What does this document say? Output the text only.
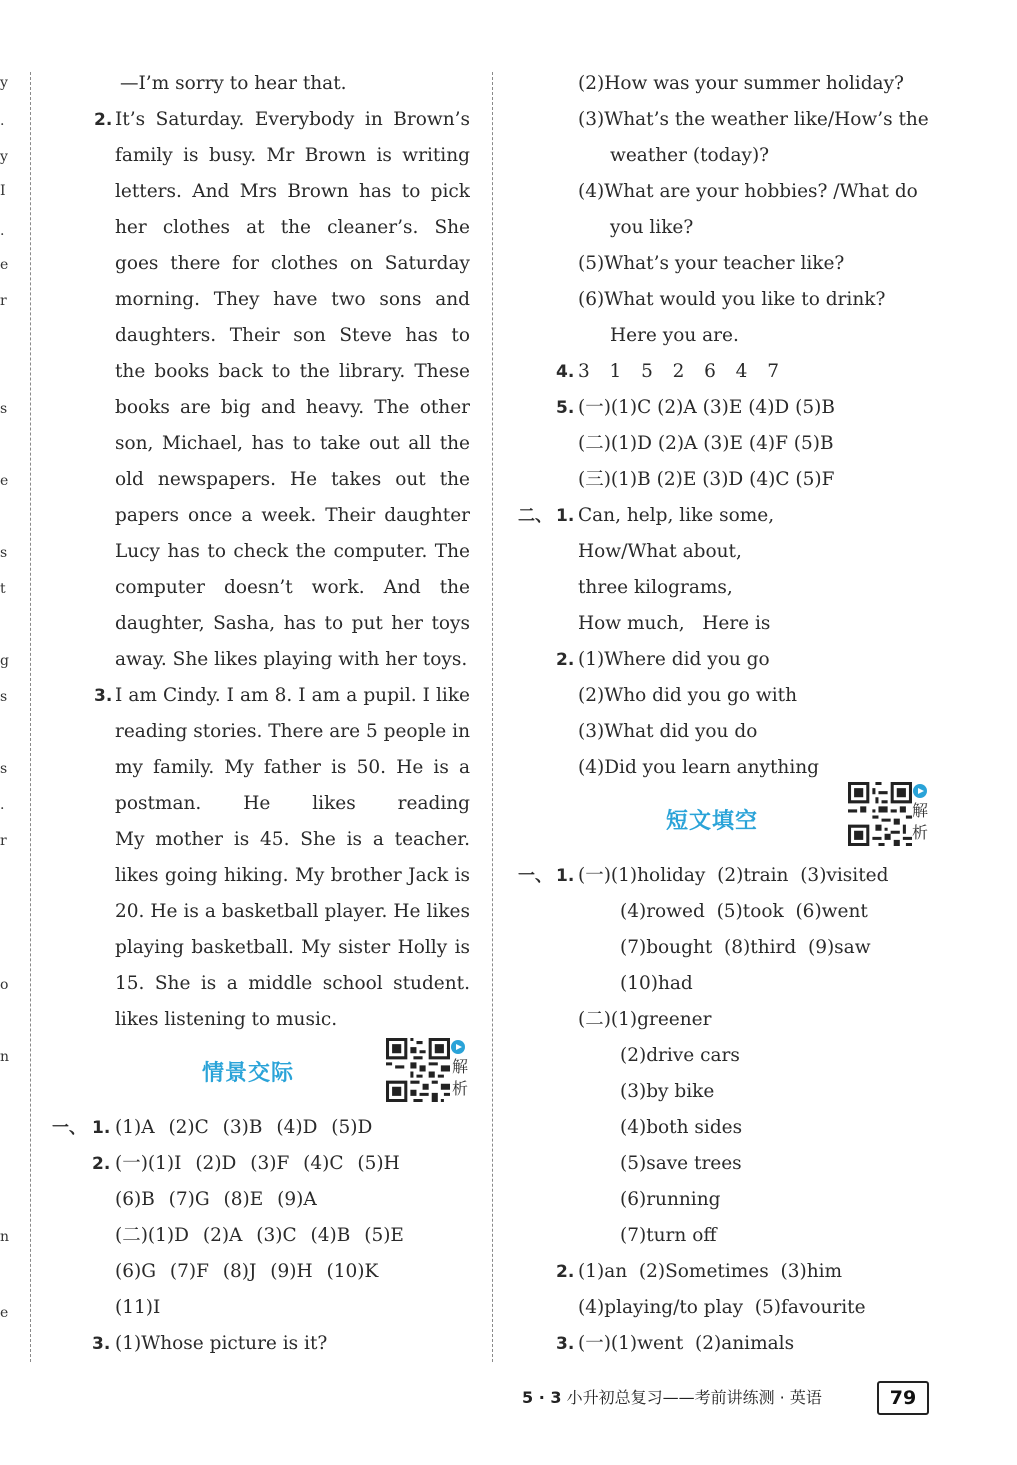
y
.
y
I
.
e
r
s
e
s
t
g
s
s
.
r
o
n
n
e
—I’m sorry to hear that.
2. It’s Saturday. Everybody in Brown’s
family is busy. Mr Brown is writing
letters. And Mrs Brown has to pick
her clothes at the cleaner’s. She
goes there for clothes on Saturday
morning. They have two sons and
daughters. Their son Steve has to
the books back to the library. These
books are big and heavy. The other
son, Michael, has to take out all the
old newspapers. He takes out the
papers once a week. Their daughter
Lucy has to check the computer. The
computer doesn’t work. And the
daughter, Sasha, has to put her toys
away. She likes playing with her toys.
3. I am Cindy. I am 8. I am a pupil. I like
reading stories. There are 5 people in
my family. My father is 50. He is a
postman. He likes reading
My mother is 45. She is a teacher.
likes going hiking. My brother Jack is
20. He is a basketball player. He likes
playing basketball. My sister Holly is
15. She is a middle school student.
likes listening to music.
情景交际	解析
一、 1. (1)A (2)C (3)B (4)D (5)D
2. (一)(1)I (2)D (3)F (4)C (5)H
(6)B (7)G (8)E (9)A
(二)(1)D (2)A (3)C (4)B (5)E
(6)G (7)F (8)J (9)H (10)K
(11)I
3. (1)Whose picture is it?
(2)How was your summer holiday?
(3)What’s the weather like/How’s the
weather (today)?
(4)What are your hobbies? /What do
you like?
(5)What’s your teacher like?
(6)What would you like to drink?
Here you are.
4. 3  1  5  2  6  4  7
5. (一)(1)C (2)A (3)E (4)D (5)B
(二)(1)D (2)A (3)E (4)F (5)B
(三)(1)B (2)E (3)D (4)C (5)F
二、 1. Can, help, like some,
How/What about,
three kilograms,
How much,   Here is
2. (1)Where did you go
(2)Who did you go with
(3)What did you do
(4)Did you learn anything
短文填空	解析
一、 1. (一)(1)holiday  (2)train  (3)visited
(4)rowed  (5)took  (6)went
(7)bought  (8)third  (9)saw
(10)had
(二)(1)greener
(2)drive cars
(3)by bike
(4)both sides
(5)save trees
(6)running
(7)turn off
2. (1)an  (2)Sometimes  (3)him
(4)playing/to play  (5)favourite
3. (一)(1)went  (2)animals
5 · 3 小升初总复习——考前讲练测 · 英语	79
